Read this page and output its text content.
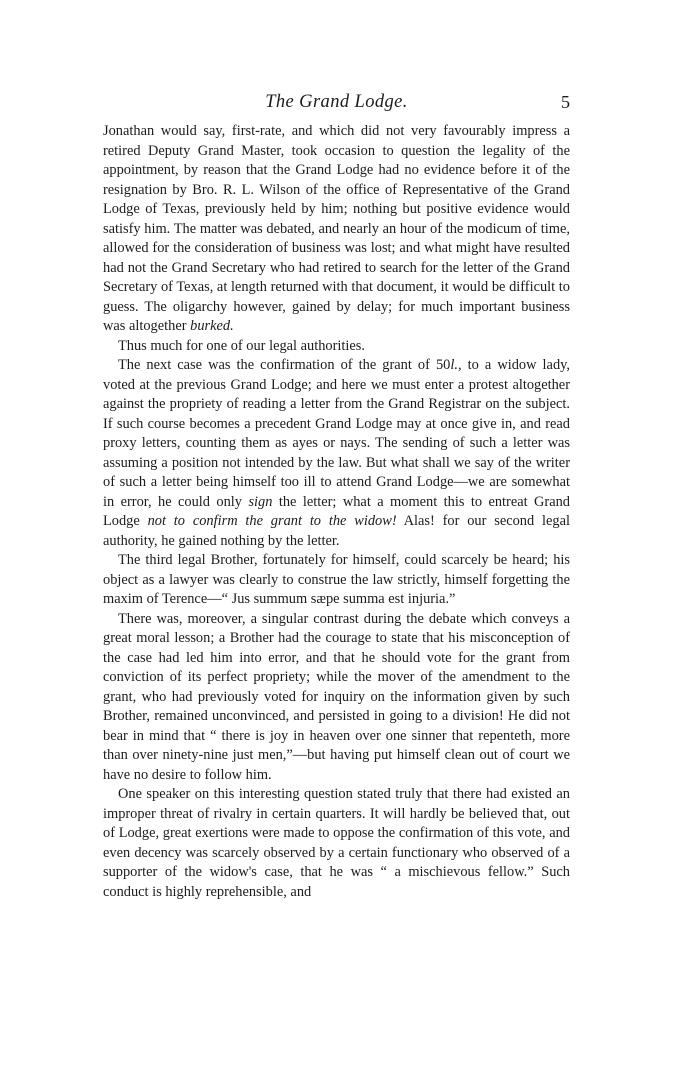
The Grand Lodge.	5

Jonathan would say, first-rate, and which did not very favourably impress a retired Deputy Grand Master, took occasion to question the legality of the appointment, by reason that the Grand Lodge had no evidence before it of the resignation by Bro. R. L. Wilson of the office of Representative of the Grand Lodge of Texas, previously held by him; nothing but positive evidence would satisfy him. The matter was debated, and nearly an hour of the modicum of time, allowed for the consideration of business was lost; and what might have resulted had not the Grand Secretary who had retired to search for the letter of the Grand Secretary of Texas, at length returned with that document, it would be difficult to guess. The oligarchy however, gained by delay; for much important business was altogether burked.

Thus much for one of our legal authorities.

The next case was the confirmation of the grant of 50l., to a widow lady, voted at the previous Grand Lodge; and here we must enter a protest altogether against the propriety of reading a letter from the Grand Registrar on the subject. If such course becomes a precedent Grand Lodge may at once give in, and read proxy letters, counting them as ayes or nays. The sending of such a letter was assuming a position not intended by the law. But what shall we say of the writer of such a letter being himself too ill to attend Grand Lodge—we are somewhat in error, he could only sign the letter; what a moment this to entreat Grand Lodge not to confirm the grant to the widow! Alas! for our second legal authority, he gained nothing by the letter.

The third legal Brother, fortunately for himself, could scarcely be heard; his object as a lawyer was clearly to construe the law strictly, himself forgetting the maxim of Terence—“ Jus summum sæpe summa est injuria.”

There was, moreover, a singular contrast during the debate which conveys a great moral lesson; a Brother had the courage to state that his misconception of the case had led him into error, and that he should vote for the grant from conviction of its perfect propriety; while the mover of the amendment to the grant, who had previously voted for inquiry on the information given by such Brother, remained unconvinced, and persisted in going to a division! He did not bear in mind that “ there is joy in heaven over one sinner that repenteth, more than over ninety-nine just men,”—but having put himself clean out of court we have no desire to follow him.

One speaker on this interesting question stated truly that there had existed an improper threat of rivalry in certain quarters. It will hardly be believed that, out of Lodge, great exertions were made to oppose the confirmation of this vote, and even decency was scarcely observed by a certain functionary who observed of a supporter of the widow's case, that he was “ a mischievous fellow.” Such conduct is highly reprehensible, and
